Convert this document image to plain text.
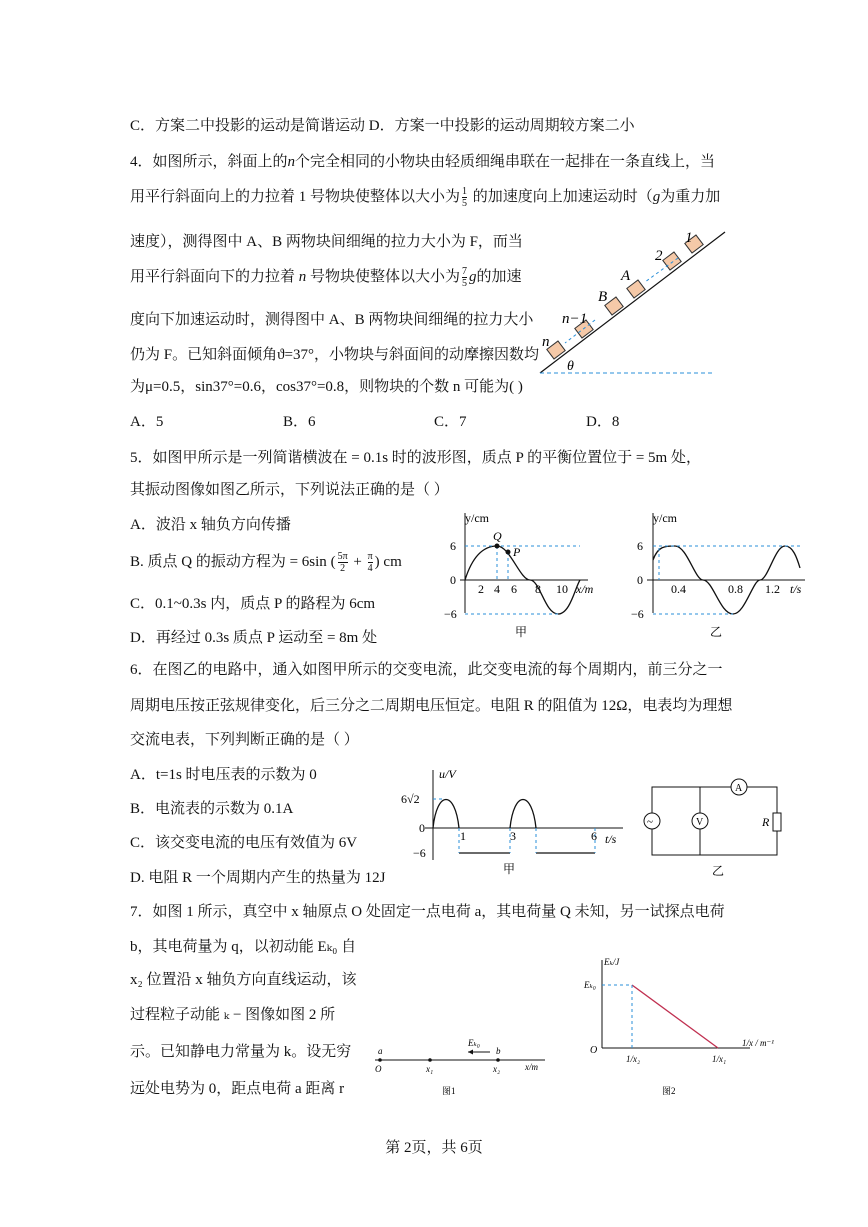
C．方案二中投影的运动是简谐运动 D．方案一中投影的运动周期较方案二小
4．如图所示，斜面上的n个完全相同的小物块由轻质细绳串联在一起排在一条直线上，当
用平行斜面向上的力拉着 1 号物块使整体以大小为 $\frac{1}{5}$ 的加速度向上加速运动时（g为重力加
速度），测得图中 A、B 两物块间细绳的拉力大小为 F，而当
用平行斜面向下的力拉着 n 号物块使整体以大小为 $\frac{7}{5}$ g的加速
度向下加速运动时，测得图中 A、B 两物块间细绳的拉力大小
仍为 F。已知斜面倾角ϑ=37°，小物块与斜面间的动摩擦因数均
为μ=0.5，sin37°=0.6，cos37°=0.8，则物块的个数 n 可能为( )
A．5	B．6	C．7	D．8
5．如图甲所示是一列简谐横波在 = 0.1s 时的波形图，质点 P 的平衡位置位于 = 5m 处，
其振动图像如图乙所示，下列说法正确的是（ ）
A．波沿 x 轴负方向传播
B. 质点 Q 的振动方程为 = 6sin ( $\frac{5\pi}{2} + \frac{\pi}{4}$ ) cm
C．0.1~0.3s 内，质点 P 的路程为 6cm
D．再经过 0.3s 质点 P 运动至 = 8m 处
6．在图乙的电路中，通入如图甲所示的交变电流，此交变电流的每个周期内，前三分之一
周期电压按正弦规律变化，后三分之二周期电压恒定。电阻 R 的阻值为 12Ω，电表均为理想
交流电表，下列判断正确的是（ ）
A．t=1s 时电压表的示数为 0
B．电流表的示数为 0.1A
C．该交变电流的电压有效值为 6V
D. 电阻 R 一个周期内产生的热量为 12J
7．如图 1 所示，真空中 x 轴原点 O 处固定一点电荷 a，其电荷量 Q 未知，另一试探点电荷
b，其电荷量为 q，以初动能 Eₖ₀ 自
x₂ 位置沿 x 轴负方向直线运动，该
过程粒子动能 ₖ − 图像如图 2 所
示。已知静电力常量为 k。设无穷
远处电势为 0，距点电荷 a 距离 r
1
2
A
B
n−1
n
θ
y/cm
Q
P
6
0
−6
2 4 6 8 10 x/m
甲
y/cm
6
0
−6
0.4	0.8 1.2 t/s
乙
u/V
6√2
0
−6
1	3	6 t/s
甲
~	V
A
R
乙
a
O	x₁	x₂
b
Eₖ₀
x/m
图1
Eₖ/J
Eₖ₀
O
1/x₂	1/x₁
1/x / m⁻¹
图2
第 2页，共 6页
